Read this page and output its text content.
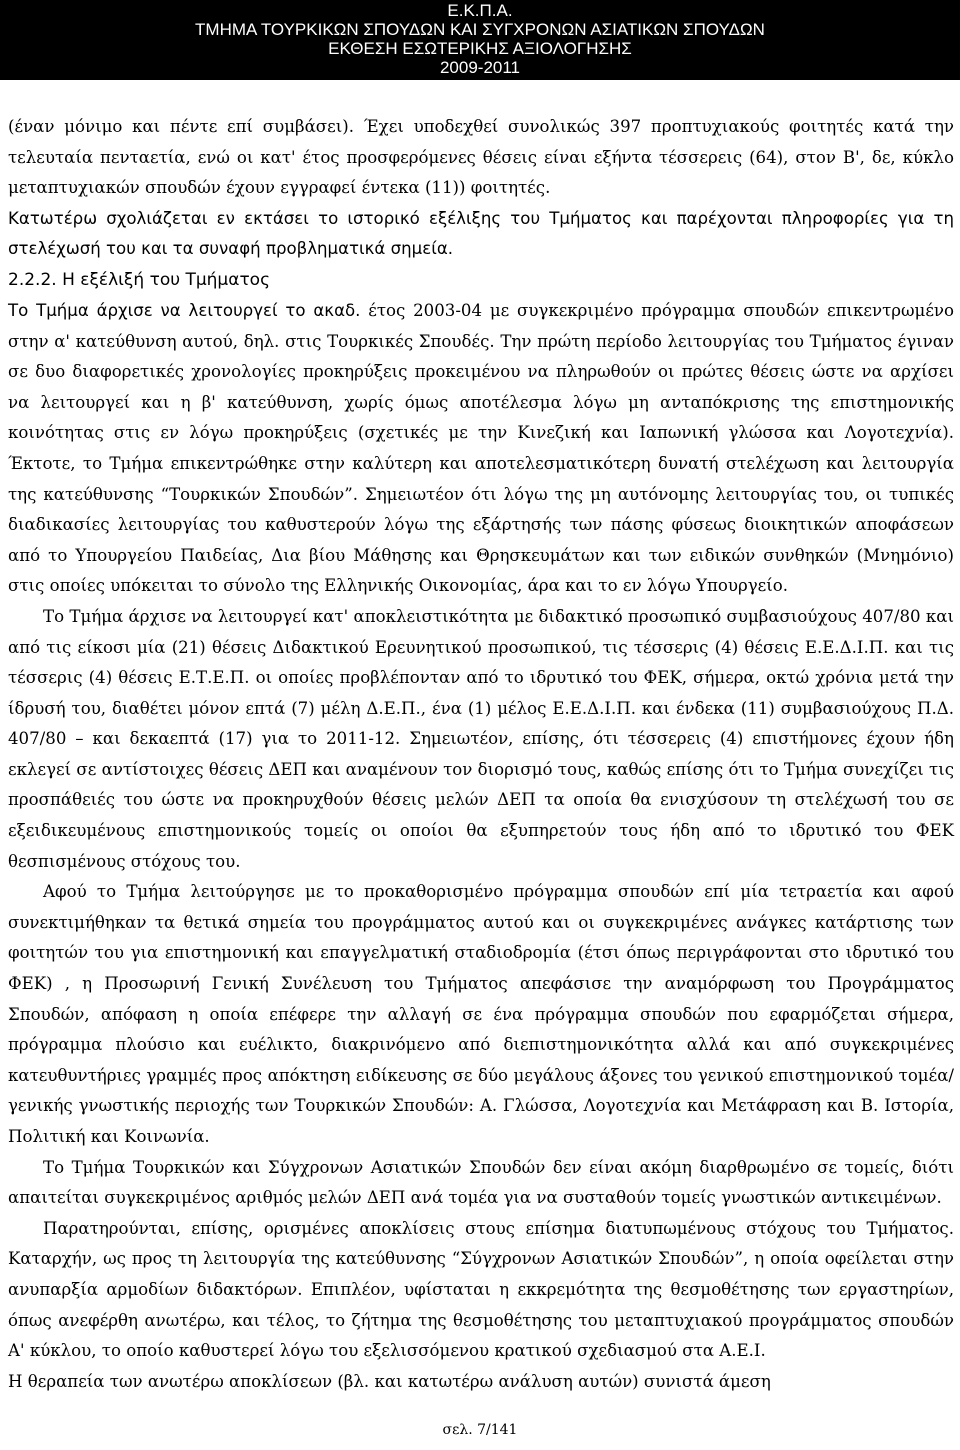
Ε.Κ.Π.Α.
ΤΜΗΜΑ ΤΟΥΡΚΙΚΩΝ ΣΠΟΥΔΩΝ ΚΑΙ ΣΥΓΧΡΟΝΩΝ ΑΣΙΑΤΙΚΩΝ ΣΠΟΥΔΩΝ
ΕΚΘΕΣΗ ΕΣΩΤΕΡΙΚΗΣ ΑΞΙΟΛΟΓΗΣΗΣ
2009-2011

(έναν μόνιμο και πέντε επί συμβάσει). Έχει υποδεχθεί συνολικώς 397 προπτυχιακούς φοιτητές κατά την τελευταία πενταετία, ενώ οι κατ' έτος προσφερόμενες θέσεις είναι εξήντα τέσσερεις (64), στον Β', δε, κύκλο μεταπτυχιακών σπουδών έχουν εγγραφεί έντεκα (11)) φοιτητές.

Κατωτέρω σχολιάζεται εν εκτάσει το ιστορικό εξέλιξης του Τμήματος και παρέχονται πληροφορίες για τη στελέχωσή του και τα συναφή προβληματικά σημεία.

2.2.2. Η εξέλιξή του Τμήματος

Το Τμήμα άρχισε να λειτουργεί το ακαδ. έτος 2003-04 με συγκεκριμένο πρόγραμμα σπουδών επικεντρωμένο στην α' κατεύθυνση αυτού, δηλ. στις Τουρκικές Σπουδές. Την πρώτη περίοδο λειτουργίας του Τμήματος έγιναν σε δυο διαφορετικές χρονολογίες προκηρύξεις προκειμένου να πληρωθούν οι πρώτες θέσεις ώστε να αρχίσει να λειτουργεί και η β' κατεύθυνση, χωρίς όμως αποτέλεσμα λόγω μη ανταπόκρισης της επιστημονικής κοινότητας στις εν λόγω προκηρύξεις (σχετικές με την Κινεζική και Ιαπωνική γλώσσα και Λογοτεχνία). Έκτοτε, το Τμήμα επικεντρώθηκε στην καλύτερη και αποτελεσματικότερη δυνατή στελέχωση και λειτουργία της κατεύθυνσης “Τουρκικών Σπουδών”. Σημειωτέον ότι λόγω της μη αυτόνομης λειτουργίας του, οι τυπικές διαδικασίες λειτουργίας του καθυστερούν λόγω της εξάρτησής των πάσης φύσεως διοικητικών αποφάσεων από το Υπουργείου Παιδείας, Δια βίου Μάθησης και Θρησκευμάτων και των ειδικών συνθηκών (Μνημόνιο) στις οποίες υπόκειται το σύνολο της Ελληνικής Οικονομίας, άρα και το εν λόγω Υπουργείο.

Το Τμήμα άρχισε να λειτουργεί κατ' αποκλειστικότητα με διδακτικό προσωπικό συμβασιούχους 407/80 και από τις είκοσι μία (21) θέσεις Διδακτικού Ερευνητικού προσωπικού, τις τέσσερις (4) θέσεις Ε.Ε.Δ.Ι.Π. και τις τέσσερις (4) θέσεις Ε.Τ.Ε.Π. οι οποίες προβλέπονταν από το ιδρυτικό του ΦΕΚ, σήμερα, οκτώ χρόνια μετά την ίδρυσή του, διαθέτει μόνον επτά (7) μέλη Δ.Ε.Π., ένα (1) μέλος Ε.Ε.Δ.Ι.Π. και ένδεκα (11) συμβασιούχους Π.Δ. 407/80 – και δεκαεπτά (17) για το 2011-12. Σημειωτέον, επίσης, ότι τέσσερεις (4) επιστήμονες έχουν ήδη εκλεγεί σε αντίστοιχες θέσεις ΔΕΠ και αναμένουν τον διορισμό τους, καθώς επίσης ότι το Τμήμα συνεχίζει τις προσπάθειές του ώστε να προκηρυχθούν θέσεις μελών ΔΕΠ τα οποία θα ενισχύσουν τη στελέχωσή του σε εξειδικευμένους επιστημονικούς τομείς οι οποίοι θα εξυπηρετούν τους ήδη από το ιδρυτικό του ΦΕΚ θεσπισμένους στόχους του.

Αφού το Τμήμα λειτούργησε με το προκαθορισμένο πρόγραμμα σπουδών επί μία τετραετία και αφού συνεκτιμήθηκαν τα θετικά σημεία του προγράμματος αυτού και οι συγκεκριμένες ανάγκες κατάρτισης των φοιτητών του για επιστημονική και επαγγελματική σταδιοδρομία (έτσι όπως περιγράφονται στο ιδρυτικό του ΦΕΚ) , η Προσωρινή Γενική Συνέλευση του Τμήματος απεφάσισε την αναμόρφωση του Προγράμματος Σπουδών, απόφαση η οποία επέφερε την αλλαγή σε ένα πρόγραμμα σπουδών που εφαρμόζεται σήμερα, πρόγραμμα πλούσιο και ευέλικτο, διακρινόμενο από διεπιστημονικότητα αλλά και από συγκεκριμένες κατευθυντήριες γραμμές προς απόκτηση ειδίκευσης σε δύο μεγάλους άξονες του γενικού επιστημονικού τομέα/γενικής γνωστικής περιοχής των Τουρκικών Σπουδών: Α. Γλώσσα, Λογοτεχνία και Μετάφραση και Β. Ιστορία, Πολιτική και Κοινωνία.

Το Τμήμα Τουρκικών και Σύγχρονων Ασιατικών Σπουδών δεν είναι ακόμη διαρθρωμένο σε τομείς, διότι απαιτείται συγκεκριμένος αριθμός μελών ΔΕΠ ανά τομέα για να συσταθούν τομείς γνωστικών αντικειμένων.

Παρατηρούνται, επίσης, ορισμένες αποκλίσεις στους επίσημα διατυπωμένους στόχους του Τμήματος. Καταρχήν, ως προς τη λειτουργία της κατεύθυνσης “Σύγχρονων Ασιατικών Σπουδών”, η οποία οφείλεται στην ανυπαρξία αρμοδίων διδακτόρων. Επιπλέον, υφίσταται η εκκρεμότητα της θεσμοθέτησης των εργαστηρίων, όπως ανεφέρθη ανωτέρω, και τέλος, το ζήτημα της θεσμοθέτησης του μεταπτυχιακού προγράμματος σπουδών Α' κύκλου, το οποίο καθυστερεί λόγω του εξελισσόμενου κρατικού σχεδιασμού στα Α.Ε.Ι.

Η θεραπεία των ανωτέρω αποκλίσεων (βλ. και κατωτέρω ανάλυση αυτών) συνιστά άμεση

σελ. 7/141
